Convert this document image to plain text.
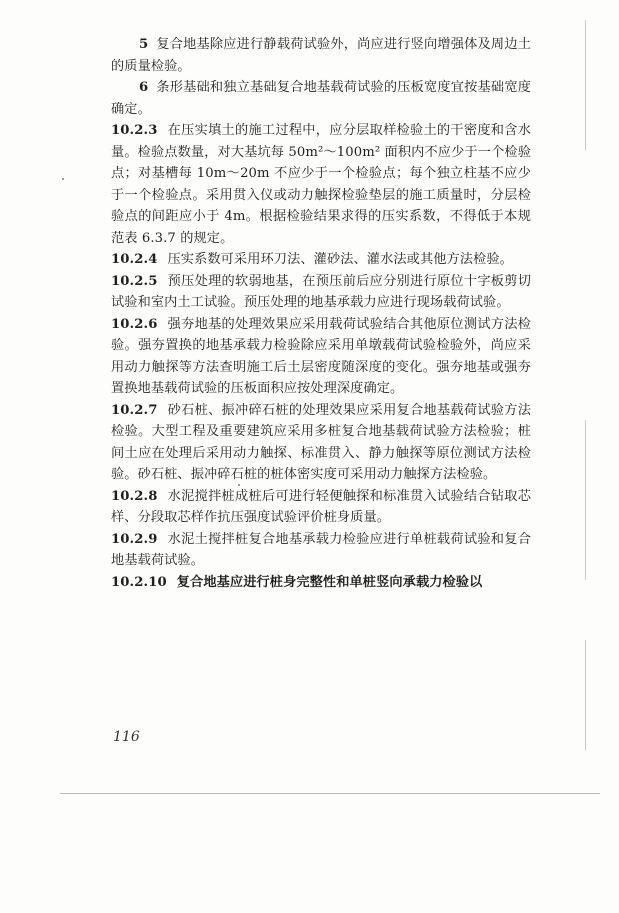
5 复合地基除应进行静载荷试验外，尚应进行竖向增强体及周边土的质量检验。

6 条形基础和独立基础复合地基载荷试验的压板宽度宜按基础宽度确定。

10.2.3 在压实填土的施工过程中，应分层取样检验土的干密度和含水量。检验点数量，对大基坑每 50m²～100m² 面积内不应少于一个检验点；对基槽每 10m～20m 不应少于一个检验点；每个独立柱基不应少于一个检验点。采用贯入仪或动力触探检验垫层的施工质量时，分层检验点的间距应小于 4m。根据检验结果求得的压实系数，不得低于本规范表 6.3.7 的规定。

10.2.4 压实系数可采用环刀法、灌砂法、灌水法或其他方法检验。

10.2.5 预压处理的软弱地基，在预压前后应分别进行原位十字板剪切试验和室内土工试验。预压处理的地基承载力应进行现场载荷试验。

10.2.6 强夯地基的处理效果应采用载荷试验结合其他原位测试方法检验。强夯置换的地基承载力检验除应采用单墩载荷试验检验外，尚应采用动力触探等方法查明施工后土层密度随深度的变化。强夯地基或强夯置换地基载荷试验的压板面积应按处理深度确定。

10.2.7 砂石桩、振冲碎石桩的处理效果应采用复合地基载荷试验方法检验。大型工程及重要建筑应采用多桩复合地基载荷试验方法检验；桩间土应在处理后采用动力触探、标准贯入、静力触探等原位测试方法检验。砂石桩、振冲碎石桩的桩体密实度可采用动力触探方法检验。

10.2.8 水泥搅拌桩成桩后可进行轻便触探和标准贯入试验结合钻取芯样、分段取芯样作抗压强度试验评价桩身质量。

10.2.9 水泥土搅拌桩复合地基承载力检验应进行单桩载荷试验和复合地基载荷试验。

10.2.10 复合地基应进行桩身完整性和单桩竖向承载力检验以

116
